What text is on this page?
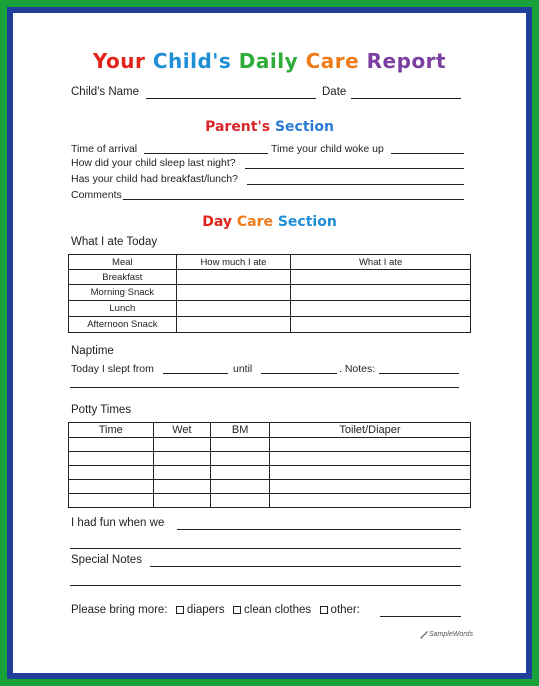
Your Child's Daily Care Report
Child's Name	Date
Parent's Section
Time of arrival	Time your child woke up
How did your child sleep last night?
Has your child had breakfast/lunch?
Comments
Day Care Section
What I ate Today
Meal	How much I ate	What I ate
Breakfast		
Morning Snack		
Lunch		
Afternoon Snack		
Naptime
Today I slept from	until	. Notes:
Potty Times
Time	Wet	BM	Toilet/Diaper

I had fun when we
Special Notes
Please bring more: diapers clean clothes other:
SampleWords
